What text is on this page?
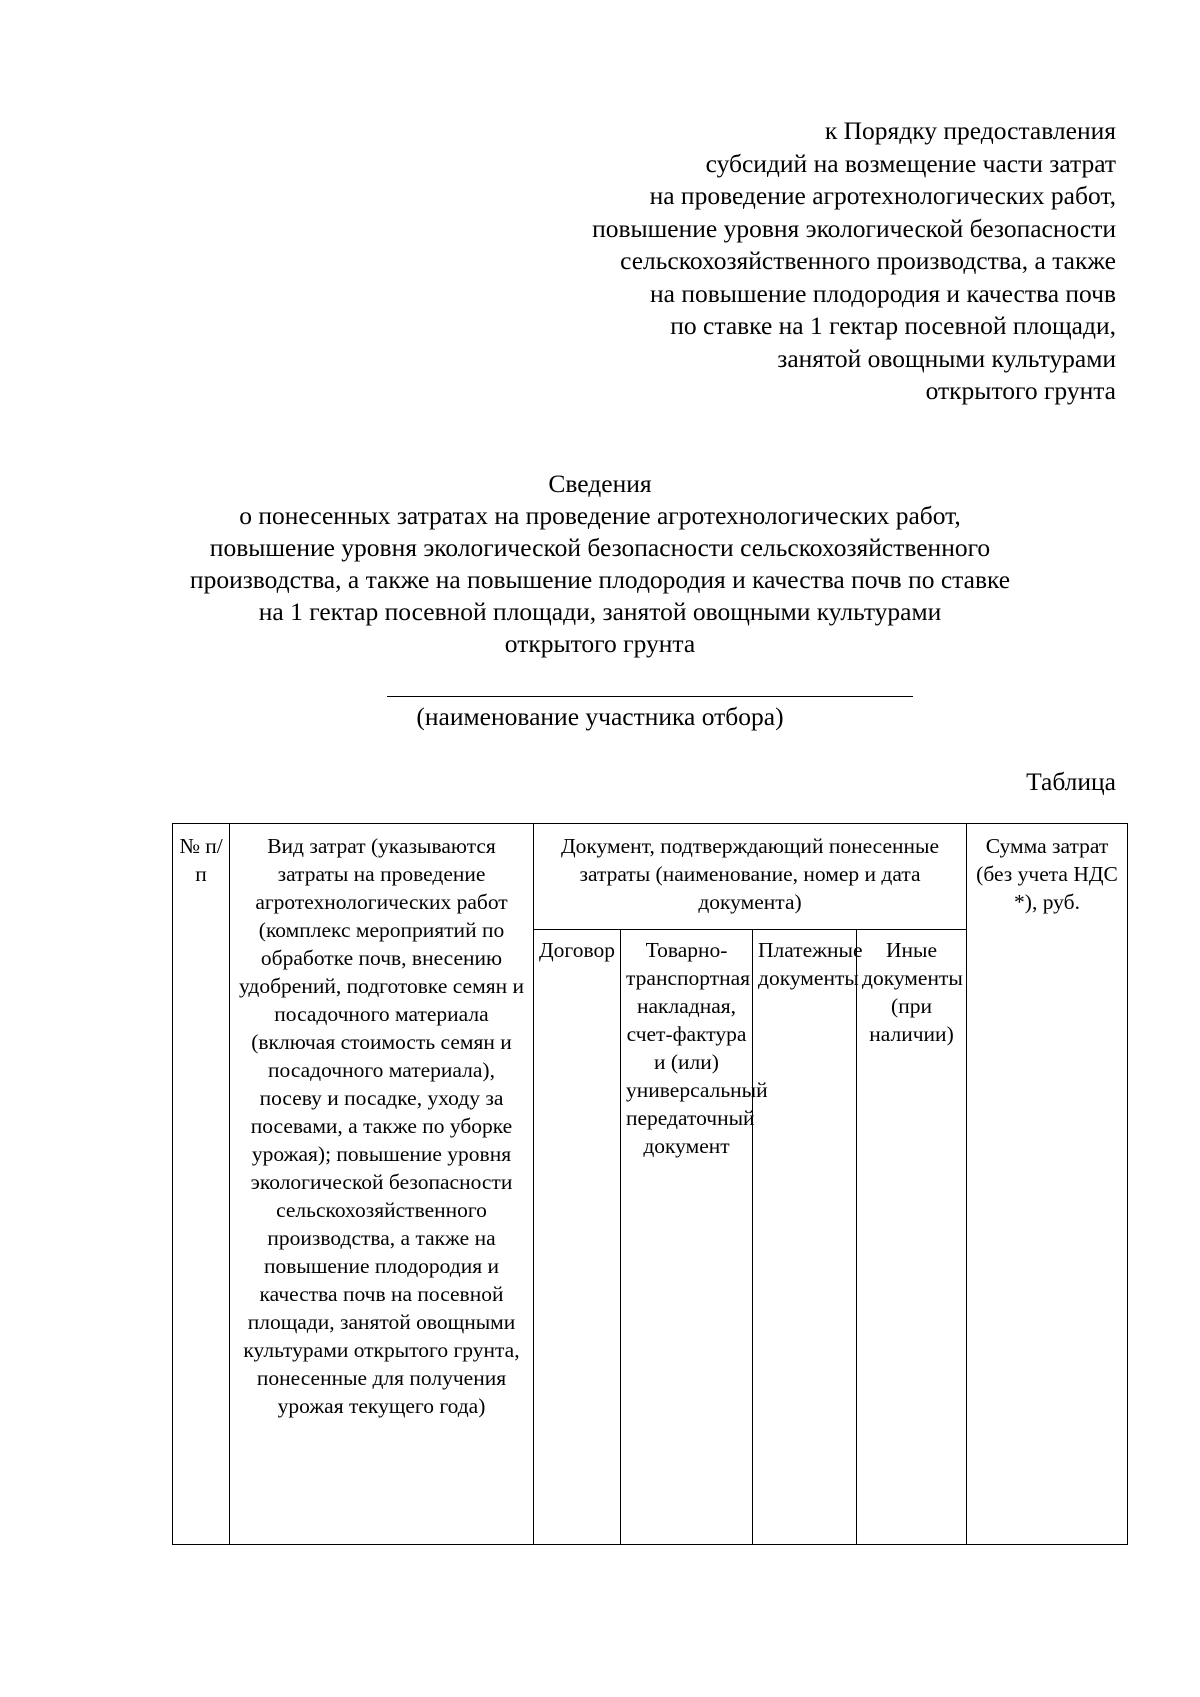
к Порядку предоставления
субсидий на возмещение части затрат
на проведение агротехнологических работ,
повышение уровня экологической безопасности
сельскохозяйственного производства, а также
на повышение плодородия и качества почв
по ставке на 1 гектар посевной площади,
занятой овощными культурами
открытого грунта
Сведения
о понесенных затратах на проведение агротехнологических работ,
повышение уровня экологической безопасности сельскохозяйственного
производства, а также на повышение плодородия и качества почв по ставке
на 1 гектар посевной площади, занятой овощными культурами
открытого грунта
(наименование участника отбора)
Таблица
№ п/п	Вид затрат (указываются затраты на проведение агротехнологических работ (комплекс мероприятий по обработке почв, внесению удобрений, подготовке семян и посадочного материала (включая стоимость семян и посадочного материала), посеву и посадке, уходу за посевами, а также по уборке урожая); повышение уровня экологической безопасности сельскохозяйственного производства, а также на повышение плодородия и качества почв на посевной площади, занятой овощными культурами открытого грунта, понесенные для получения урожая текущего года)	Документ, подтверждающий понесенные затраты (наименование, номер и дата документа)				Сумма затрат (без учета НДС *), руб.
		Договор	Товарно-транспортная накладная, счет-фактура и (или) универсальный передаточный документ	Платежные документы	Иные документы (при наличии)	
